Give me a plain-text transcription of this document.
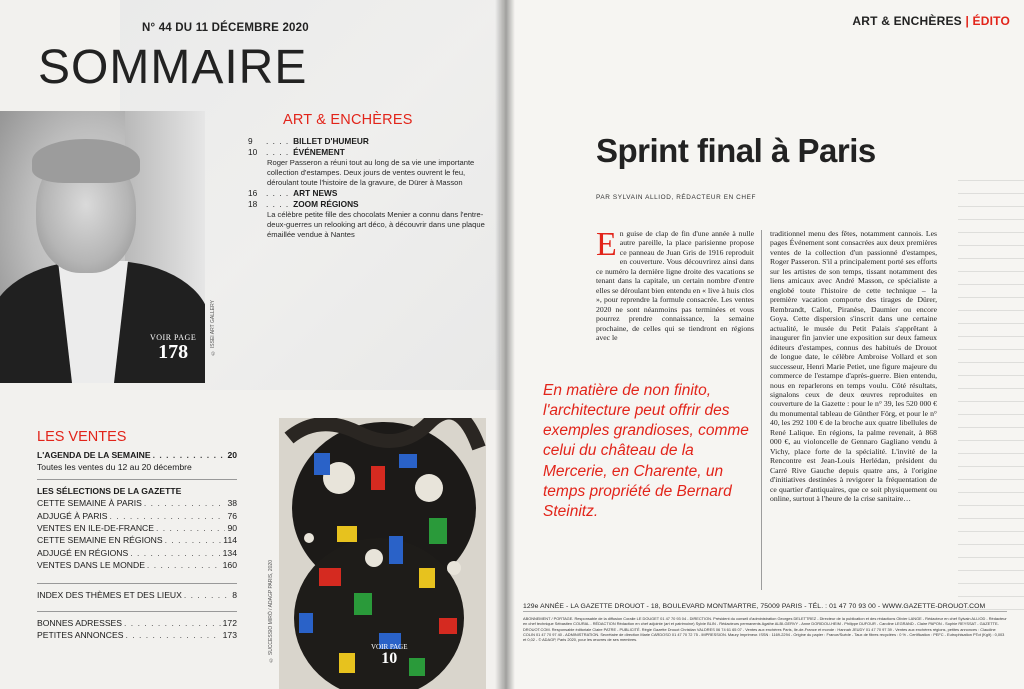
N° 44 DU 11 DÉCEMBRE 2020
SOMMAIRE
VOIR PAGE
178	© ISSEI ART GALLERY
ART & ENCHÈRES
9	. . . . BILLET D'HUMEUR
10	. . . . ÉVÉNEMENT
Roger Passeron a réuni tout au long de sa vie une importante collection d'estampes. Deux jours de ventes ouvrent le feu, déroulant toute l'histoire de la gravure, de Dürer à Masson
16	. . . . ART NEWS
18	. . . . ZOOM RÉGIONS
La célèbre petite fille des chocolats Menier a connu dans l'entre-deux-guerres un relooking art déco, à découvrir dans une plaque émaillée vendue à Nantes
LES VENTES
L'AGENDA DE LA SEMAINE . . .	20
Toutes les ventes du 12 au 20 décembre
LES SÉLECTIONS DE LA GAZETTE
CETTE SEMAINE À PARIS . . .	38
ADJUGÉ À PARIS . . .	76
VENTES EN ILE-DE-FRANCE . . .	90
CETTE SEMAINE EN RÉGIONS . . .	114
ADJUGÉ EN RÉGIONS . . .	134
VENTES DANS LE MONDE . . .	160
INDEX DES THÈMES ET DES LIEUX . . .	8
BONNES ADRESSES . . .	172
PETITES ANNONCES . . .	173
VOIR PAGE
10
© SUCCESSIO MIRÓ / ADAGP PARIS, 2020
ART & ENCHÈRES | ÉDITO
Sprint final à Paris
PAR SYLVAIN ALLIOD, RÉDACTEUR EN CHEF
En guise de clap de fin d'une année à nulle autre pareille, la place parisienne propose ce panneau de Juan Gris de 1916 reproduit en couverture. Vous découvrirez ainsi dans ce numéro la dernière ligne droite des vacations se tenant dans la capitale, un certain nombre d'entre elles se déroulant bien entendu en « live à huis clos », pour reprendre la formule consacrée. Les ventes 2020 ne sont néanmoins pas terminées et vous pourrez prendre connaissance, la semaine prochaine, de celles qui se tiendront en régions avec le
traditionnel menu des fêtes, notamment cannois. Les pages Événement sont consacrées aux deux premières ventes de la collection d'un passionné d'estampes, Roger Passeron. S'il a principalement porté ses efforts sur les artistes de son temps, tissant notamment des liens amicaux avec André Masson, ce spécialiste a englobé toute l'histoire de cette technique – la première vacation comporte des tirages de Dürer, Rembrandt, Callot, Piranèse, Daumier ou encore Goya. Cette dispersion s'inscrit dans une certaine actualité, le musée du Petit Palais s'apprêtant à inaugurer fin janvier une exposition sur deux fameux éditeurs d'estampes, connus des habitués de Drouot de longue date, le célèbre Ambroise Vollard et son successeur, Henri Marie Petiet, une figure majeure du commerce de l'estampe d'après-guerre. Bien entendu, nous en reparlerons en temps voulu. Côté résultats, signalons ceux de deux œuvres reproduites en couverture de la Gazette : pour le n° 39, les 520 000 € du monumental tableau de Günther Förg, et pour le n° 40, les 292 100 € de la broche aux quatre libellules de René Lalique. En régions, la palme revenait, à 868 000 €, au violoncelle de Gennaro Gagliano vendu à Vichy, place forte de la spécialité. L'invité de la Rencontre est Jean-Louis Herlédan, président du Carré Rive Gauche depuis quatre ans, à l'origine d'initiatives destinées à revigorer la fréquentation de ce quartier d'antiquaires, que ce soit physiquement ou online, surtout à l'heure de la crise sanitaire…
En matière de non finito, l'architecture peut offrir des exemples grandioses, comme celui du château de la Mercerie, en Charente, un temps propriété de Bernard Steinitz.
129e ANNÉE - LA GAZETTE DROUOT - 18, BOULEVARD MONTMARTRE, 75009 PARIS - TÉL. : 01 47 70 93 00 - WWW.GAZETTE-DROUOT.COM
ABONNEMENT / PORTAGE. Responsable de la diffusion Coralie LE DOUGET 01 47 70 93 04 - DIRECTION. Président du conseil d'administration Georges DELETTREZ - Directeur de la publication et des rédactions Olivier LANGE - Rédacteur en chef Sylvain ALLIOD - Rédacteur en chef technique Sébastien COURAL - RÉDACTION Rédaction en chef adjointe (art et patrimoine) Sylvie BLIN - Rédacteurs permanents Agathe ALBI-GERVY - Anne DORIDOU-HEIM - Philippe DUFOUR - Caroline LEGRAND - Claire PAPON - Sophie REYSSAT - GAZETTE-DROUOT.COM. Responsable éditoriale Claire PATRE - PUBLICITÉ. Régie Gazette Drouot Christian VALDRES 06 74 61 65 07 - Ventes aux enchères Paris, Ile-de-France et monde : Hannah JEUDY 01 47 70 97 39 - Ventes aux enchères régions, petites annonces : Claudine COLIN 01 47 70 97 40 - ADMINISTRATION. Secrétaire de direction Marie CARDOSO 01 47 70 72 75 - IMPRESSION. Maury Imprimeur. ISSN : 1169-2294 - Origine du papier : France/Suède - Taux de fibres recyclées : 0 % - Certification : PEFC - Eutrophisation PTot (Kg/t) : 0,003 et 0,02 - © ADAGP, Paris 2020, pour les œuvres de ses membres.
